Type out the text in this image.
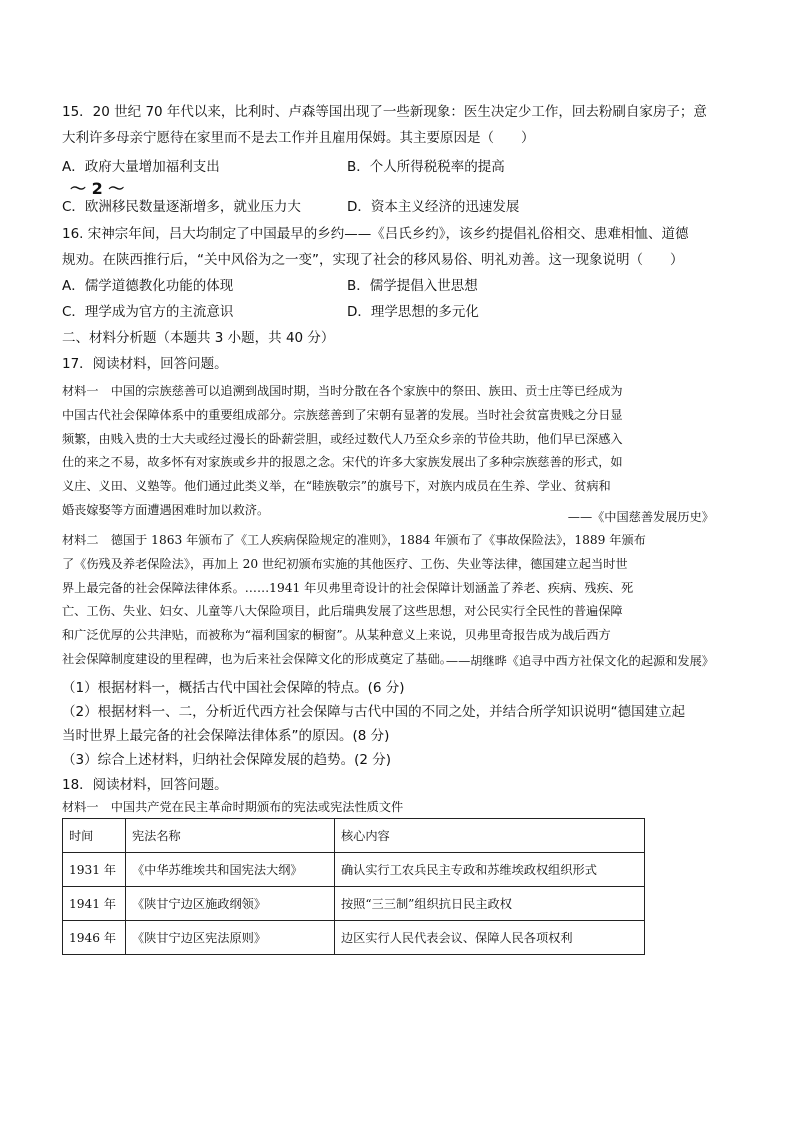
15．20 世纪 70 年代以来，比利时、卢森等国出现了一些新现象：医生决定少工作，回去粉刷自家房子；意
大利许多母亲宁愿待在家里而不是去工作并且雇用保姆。其主要原因是（　　）
A．政府大量增加福利支出	B．个人所得税税率的提高
～ 2 ～
C．欧洲移民数量逐渐增多，就业压力大	D．资本主义经济的迅速发展
16. 宋神宗年间，吕大均制定了中国最早的乡约——《吕氏乡约》，该乡约提倡礼俗相交、患难相恤、道德
规劝。在陕西推行后，“关中风俗为之一变”，实现了社会的移风易俗、明礼劝善。这一现象说明（　　）
A．儒学道德教化功能的体现	B．儒学提倡入世思想
C．理学成为官方的主流意识	D．理学思想的多元化
二、材料分析题（本题共 3 小题，共 40 分）
17．阅读材料，回答问题。
材料一　中国的宗族慈善可以追溯到战国时期，当时分散在各个家族中的祭田、族田、贡士庄等已经成为
中国古代社会保障体系中的重要组成部分。宗族慈善到了宋朝有显著的发展。当时社会贫富贵贱之分日显
频繁，由贱入贵的士大夫或经过漫长的卧薪尝胆，或经过数代人乃至众乡亲的节俭共助，他们早已深感入
仕的来之不易，故多怀有对家族或乡井的报恩之念。宋代的许多大家族发展出了多种宗族慈善的形式，如
义庄、义田、义塾等。他们通过此类义举，在“睦族敬宗”的旗号下，对族内成员在生养、学业、贫病和
婚丧嫁娶等方面遭遇困难时加以救济。
——《中国慈善发展历史》
材料二　德国于 1863 年颁布了《工人疾病保险规定的准则》，1884 年颁布了《事故保险法》，1889 年颁布
了《伤残及养老保险法》，再加上 20 世纪初颁布实施的其他医疗、工伤、失业等法律，德国建立起当时世
界上最完备的社会保障法律体系。……1941 年贝弗里奇设计的社会保障计划涵盖了养老、疾病、残疾、死
亡、工伤、失业、妇女、儿童等八大保险项目，此后瑞典发展了这些思想，对公民实行全民性的普遍保障
和广泛优厚的公共津贴，而被称为“福利国家的橱窗”。从某种意义上来说，贝弗里奇报告成为战后西方
社会保障制度建设的里程碑，也为后来社会保障文化的形成奠定了基础。
——胡继晔《追寻中西方社保文化的起源和发展》
（1）根据材料一，概括古代中国社会保障的特点。(6 分)
（2）根据材料一、二，分析近代西方社会保障与古代中国的不同之处，并结合所学知识说明“德国建立起
当时世界上最完备的社会保障法律体系”的原因。(8 分)
（3）综合上述材料，归纳社会保障发展的趋势。(2 分)
18．阅读材料，回答问题。
材料一　中国共产党在民主革命时期颁布的宪法或宪法性质文件
时间	宪法名称	核心内容
1931 年	《中华苏维埃共和国宪法大纲》	确认实行工农兵民主专政和苏维埃政权组织形式
1941 年	《陕甘宁边区施政纲领》	按照“三三制”组织抗日民主政权
1946 年	《陕甘宁边区宪法原则》	边区实行人民代表会议、保障人民各项权利
